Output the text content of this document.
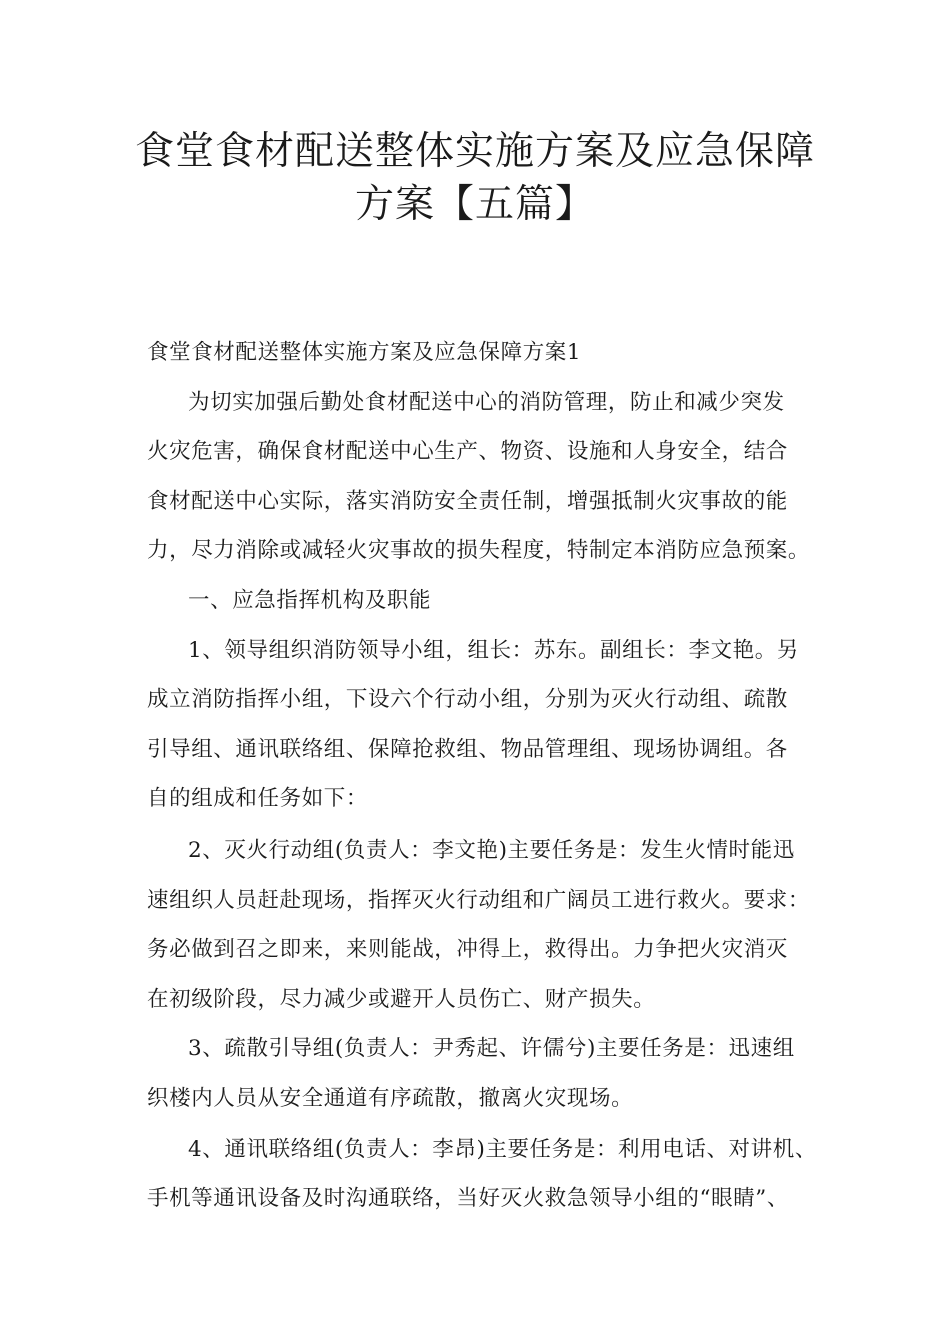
食堂食材配送整体实施方案及应急保障
方案【五篇】

食堂食材配送整体实施方案及应急保障方案1

为切实加强后勤处食材配送中心的消防管理，防止和减少突发

火灾危害，确保食材配送中心生产、物资、设施和人身安全，结合

食材配送中心实际，落实消防安全责任制，增强抵制火灾事故的能

力，尽力消除或减轻火灾事故的损失程度，特制定本消防应急预案。

一、应急指挥机构及职能

1、领导组织消防领导小组，组长：苏东。副组长：李文艳。另

成立消防指挥小组，下设六个行动小组，分别为灭火行动组、疏散

引导组、通讯联络组、保障抢救组、物品管理组、现场协调组。各

自的组成和任务如下：

2、灭火行动组(负责人：李文艳)主要任务是：发生火情时能迅

速组织人员赶赴现场，指挥灭火行动组和广阔员工进行救火。要求：

务必做到召之即来，来则能战，冲得上，救得出。力争把火灾消灭

在初级阶段，尽力减少或避开人员伤亡、财产损失。

3、疏散引导组(负责人：尹秀起、许儒兮)主要任务是：迅速组

织楼内人员从安全通道有序疏散，撤离火灾现场。

4、通讯联络组(负责人：李昂)主要任务是：利用电话、对讲机、

手机等通讯设备及时沟通联络，当好灭火救急领导小组的“眼睛”、
